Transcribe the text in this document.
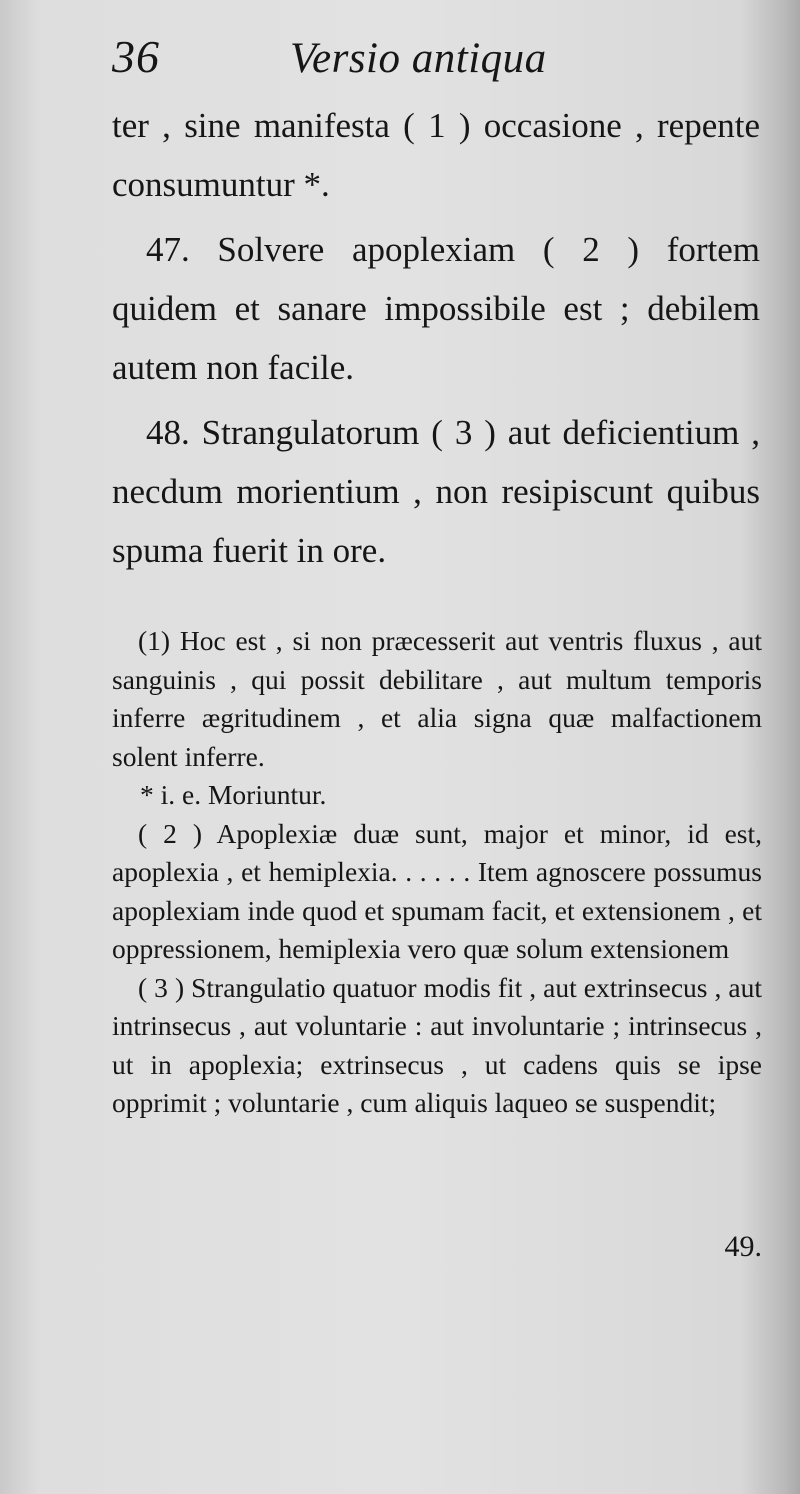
36	Versio antiqua

ter , sine manifesta ( 1 ) occasione , repente consumuntur *.

47. Solvere apoplexiam ( 2 ) fortem quidem et sanare impossibile est ; debilem autem non facile.

48. Strangulatorum ( 3 ) aut deficientium , necdum morientium , non resipiscunt quibus spuma fuerit in ore.

(1) Hoc est , si non præcesserit aut ventris fluxus , aut sanguinis , qui possit debilitare , aut multum temporis inferre ægritudinem , et alia signa quæ malfactionem solent inferre.

* i. e. Moriuntur.

( 2 ) Apoplexiæ duæ sunt, major et minor, id est, apoplexia , et hemiplexia. . . . . . Item agnoscere possumus apoplexiam inde quod et spumam facit, et extensionem , et oppressionem, hemiplexia vero quæ solum extensionem

( 3 ) Strangulatio quatuor modis fit , aut extrinsecus , aut intrinsecus , aut voluntarie : aut involuntarie ; intrinsecus , ut in apoplexia; extrinsecus , ut cadens quis se ipse opprimit ; voluntarie , cum aliquis laqueo se suspendit;

49.
